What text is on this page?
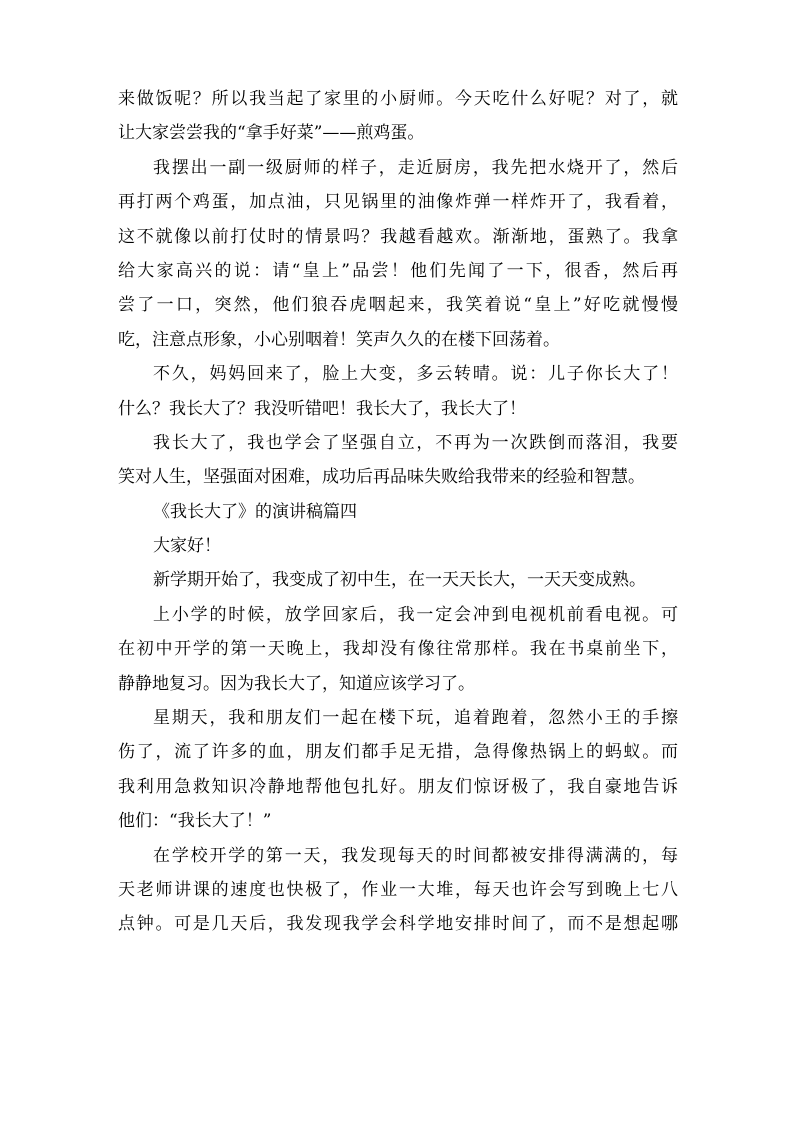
来做饭呢？所以我当起了家里的小厨师。今天吃什么好呢？对了，就
让大家尝尝我的“拿手好菜”——煎鸡蛋。
我摆出一副一级厨师的样子，走近厨房，我先把水烧开了，然后
再打两个鸡蛋，加点油，只见锅里的油像炸弹一样炸开了，我看着，
这不就像以前打仗时的情景吗？我越看越欢。渐渐地，蛋熟了。我拿
给大家高兴的说：请“皇上”品尝！他们先闻了一下，很香，然后再
尝了一口，突然，他们狼吞虎咽起来，我笑着说“皇上”好吃就慢慢
吃，注意点形象，小心别咽着！笑声久久的在楼下回荡着。
不久，妈妈回来了，脸上大变，多云转晴。说：儿子你长大了！
什么？我长大了？我没听错吧！我长大了，我长大了！
我长大了，我也学会了坚强自立，不再为一次跌倒而落泪，我要
笑对人生，坚强面对困难，成功后再品味失败给我带来的经验和智慧。
《我长大了》的演讲稿篇四
大家好！
新学期开始了，我变成了初中生，在一天天长大，一天天变成熟。
上小学的时候，放学回家后，我一定会冲到电视机前看电视。可
在初中开学的第一天晚上，我却没有像往常那样。我在书桌前坐下，
静静地复习。因为我长大了，知道应该学习了。
星期天，我和朋友们一起在楼下玩，追着跑着，忽然小王的手擦
伤了，流了许多的血，朋友们都手足无措，急得像热锅上的蚂蚁。而
我利用急救知识冷静地帮他包扎好。朋友们惊讶极了，我自豪地告诉
他们：“我长大了！”
在学校开学的第一天，我发现每天的时间都被安排得满满的，每
天老师讲课的速度也快极了，作业一大堆，每天也许会写到晚上七八
点钟。可是几天后，我发现我学会科学地安排时间了，而不是想起哪
